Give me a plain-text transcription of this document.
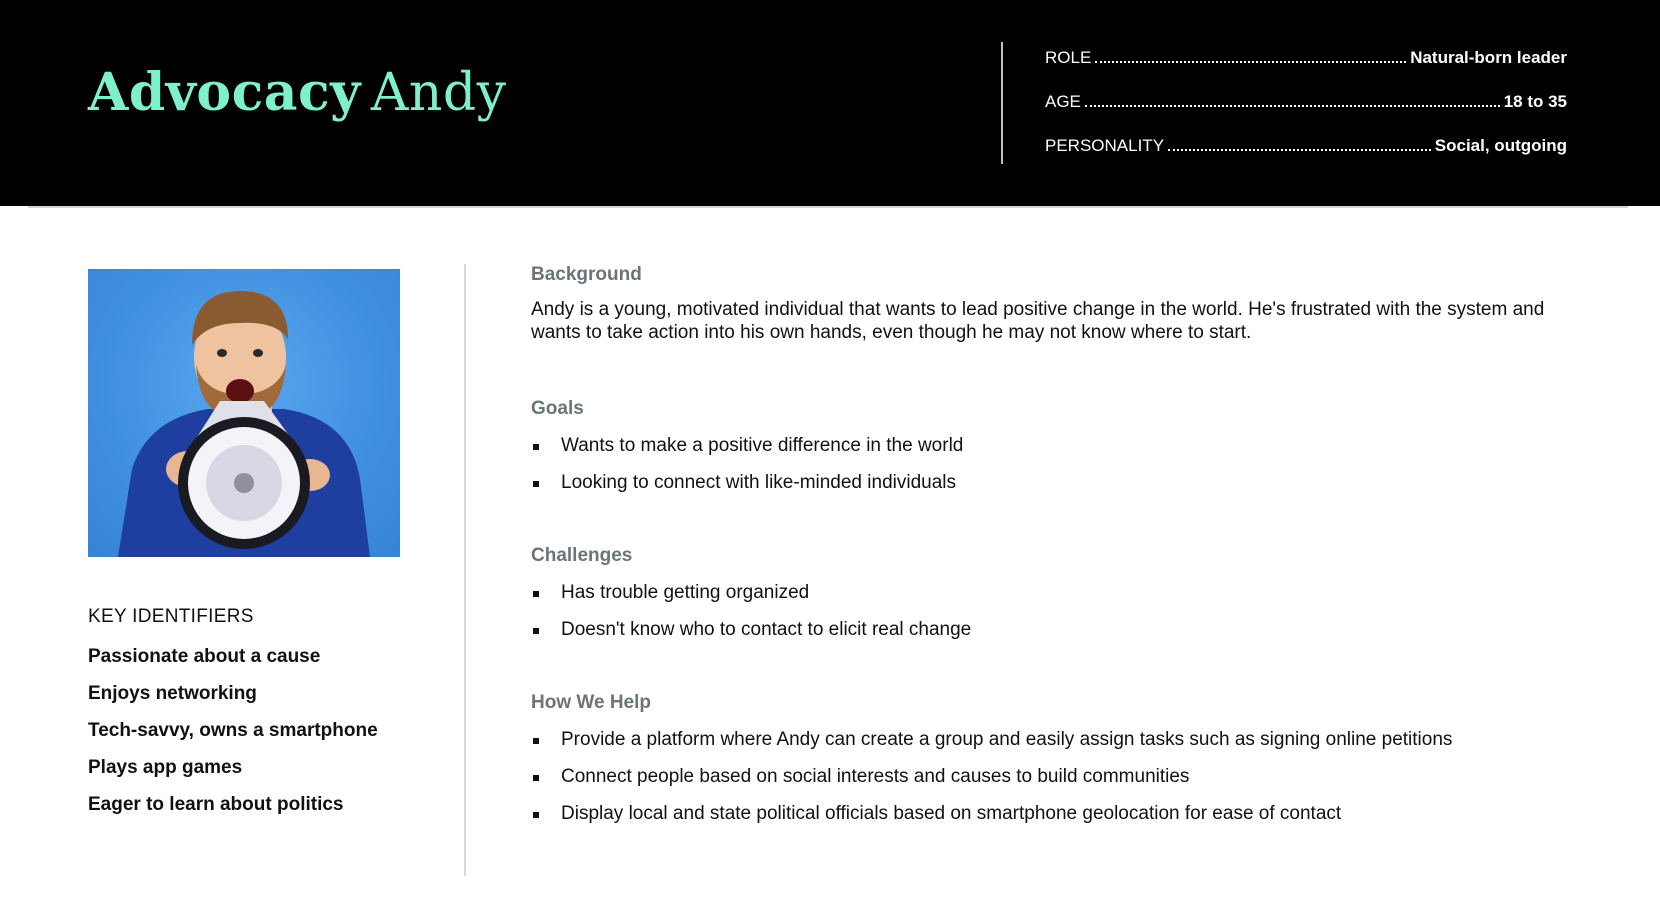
Advocacy Andy
ROLE	Natural-born leader
AGE	18 to 35
PERSONALITY	Social, outgoing
KEY IDENTIFIERS
Passionate about a cause
Enjoys networking
Tech-savvy, owns a smartphone
Plays app games
Eager to learn about politics
Background

Andy is a young, motivated individual that wants to lead positive change in the world. He's frustrated with the system and wants to take action into his own hands, even though he may not know where to start.

Goals
Wants to make a positive difference in the world
Looking to connect with like-minded individuals
Challenges
Has trouble getting organized
Doesn't know who to contact to elicit real change
How We Help
Provide a platform where Andy can create a group and easily assign tasks such as signing online petitions
Connect people based on social interests and causes to build communities
Display local and state political officials based on smartphone geolocation for ease of contact
